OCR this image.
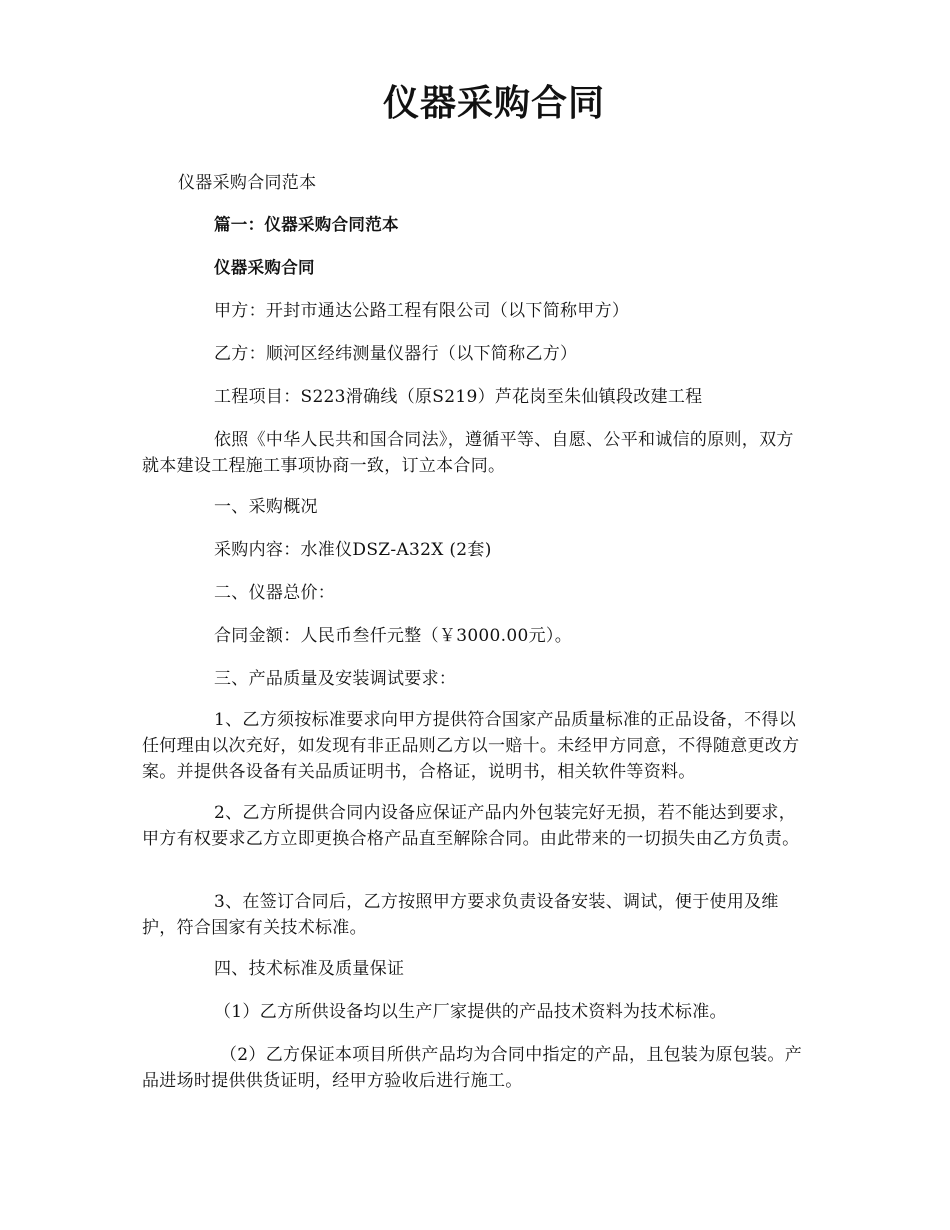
仪器采购合同

仪器采购合同范本

篇一：仪器采购合同范本

仪器采购合同

甲方：开封市通达公路工程有限公司（以下简称甲方）

乙方：顺河区经纬测量仪器行（以下简称乙方）

工程项目：S223滑确线（原S219）芦花岗至朱仙镇段改建工程

依照《中华人民共和国合同法》，遵循平等、自愿、公平和诚信的原则，双方就本建设工程施工事项协商一致，订立本合同。

一、采购概况

采购内容：水准仪DSZ-A32X (2套)

二、仪器总价：

合同金额：人民币叁仟元整（￥3000.00元）。

三、产品质量及安装调试要求：

1、乙方须按标准要求向甲方提供符合国家产品质量标准的正品设备，不得以任何理由以次充好，如发现有非正品则乙方以一赔十。未经甲方同意，不得随意更改方案。并提供各设备有关品质证明书，合格证，说明书，相关软件等资料。

2、乙方所提供合同内设备应保证产品内外包装完好无损，若不能达到要求，甲方有权要求乙方立即更换合格产品直至解除合同。由此带来的一切损失由乙方负责。

3、在签订合同后，乙方按照甲方要求负责设备安装、调试，便于使用及维护，符合国家有关技术标准。

四、技术标准及质量保证

（1）乙方所供设备均以生产厂家提供的产品技术资料为技术标准。

（2）乙方保证本项目所供产品均为合同中指定的产品，且包装为原包装。产品进场时提供供货证明，经甲方验收后进行施工。
